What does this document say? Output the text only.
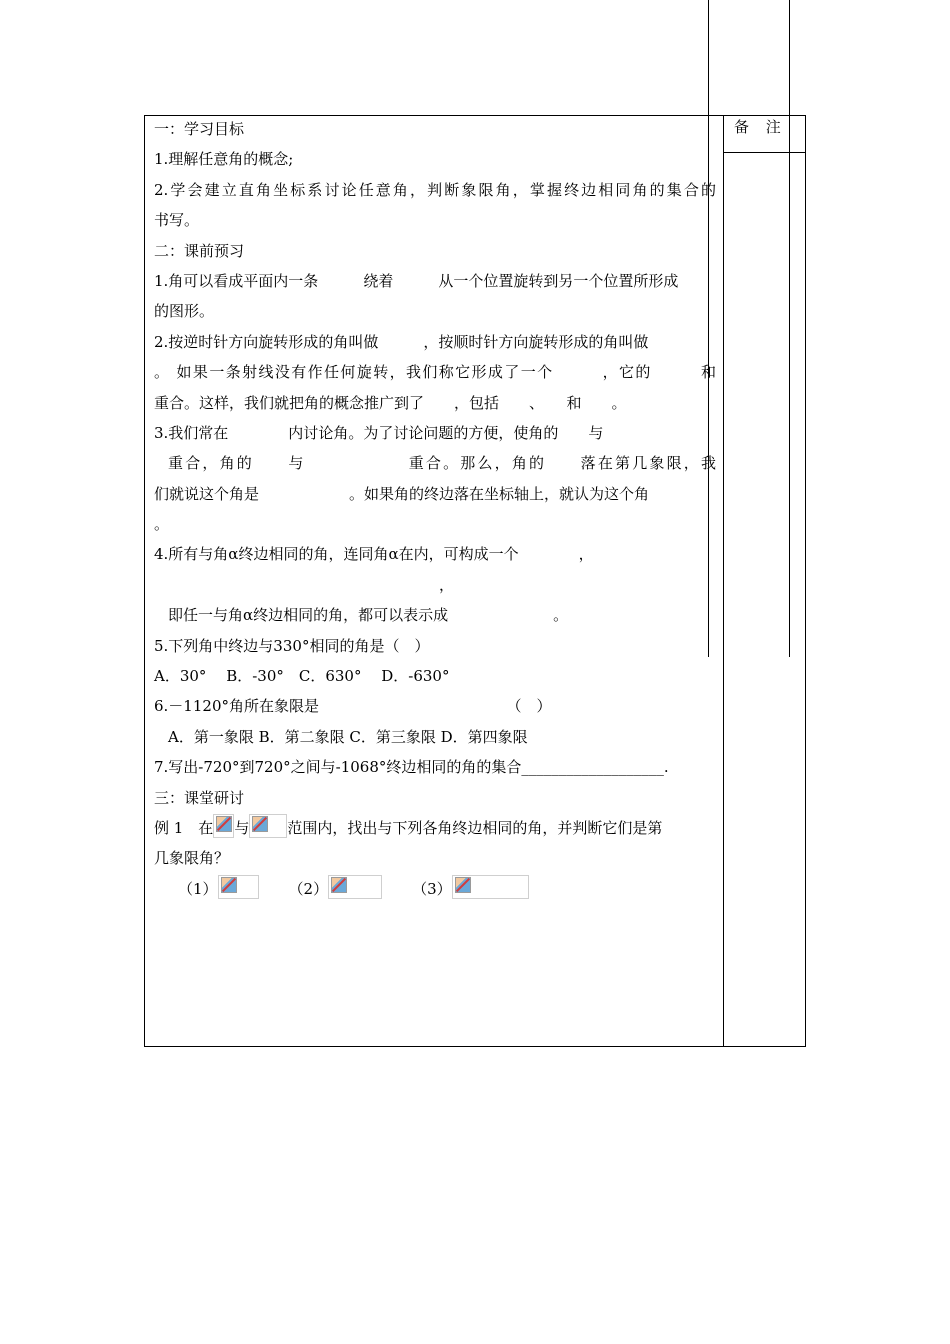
备 注
一：学习目标
1.理解任意角的概念;
2.学会建立直角坐标系讨论任意角，判断象限角，掌握终边相同角的集合的
书写。
二：课前预习
1.角可以看成平面内一条　　　绕着　　　从一个位置旋转到另一个位置所形成
的图形。
2.按逆时针方向旋转形成的角叫做　　　，按顺时针方向旋转形成的角叫做
。 如果一条射线没有作任何旋转，我们称它形成了一个　　　，它的　　　和
重合。这样，我们就把角的概念推广到了　　，包括　　、　　和　　。
3.我们常在　　　　内讨论角。为了讨论问题的方便，使角的　　与
重合，角的　　与　　　　　　重合。那么，角的　　落在第几象限，我
们就说这个角是　　　　　　。如果角的终边落在坐标轴上，就认为这个角
。
4.所有与角α终边相同的角，连同角α在内，可构成一个　　　　，
　　　　　　　　　　　　　　　　　　　，
即任一与角α终边相同的角，都可以表示成　　　　　　　。
5.下列角中终边与330°相同的角是（　）
A．30°　 B．-30°　C．630°　 D．-630°
6.－1120°角所在象限是　　　　　　　　　　　　　（　）
A．第一象限 B．第二象限 C．第三象限 D．第四象限
7.写出-720°到720°之间与-1068°终边相同的角的集合___________________.
三：课堂研讨
例 1　在 与	范围内，找出与下列各角终边相同的角，并判断它们是第
几象限角？
（1）	（2）	（3）
